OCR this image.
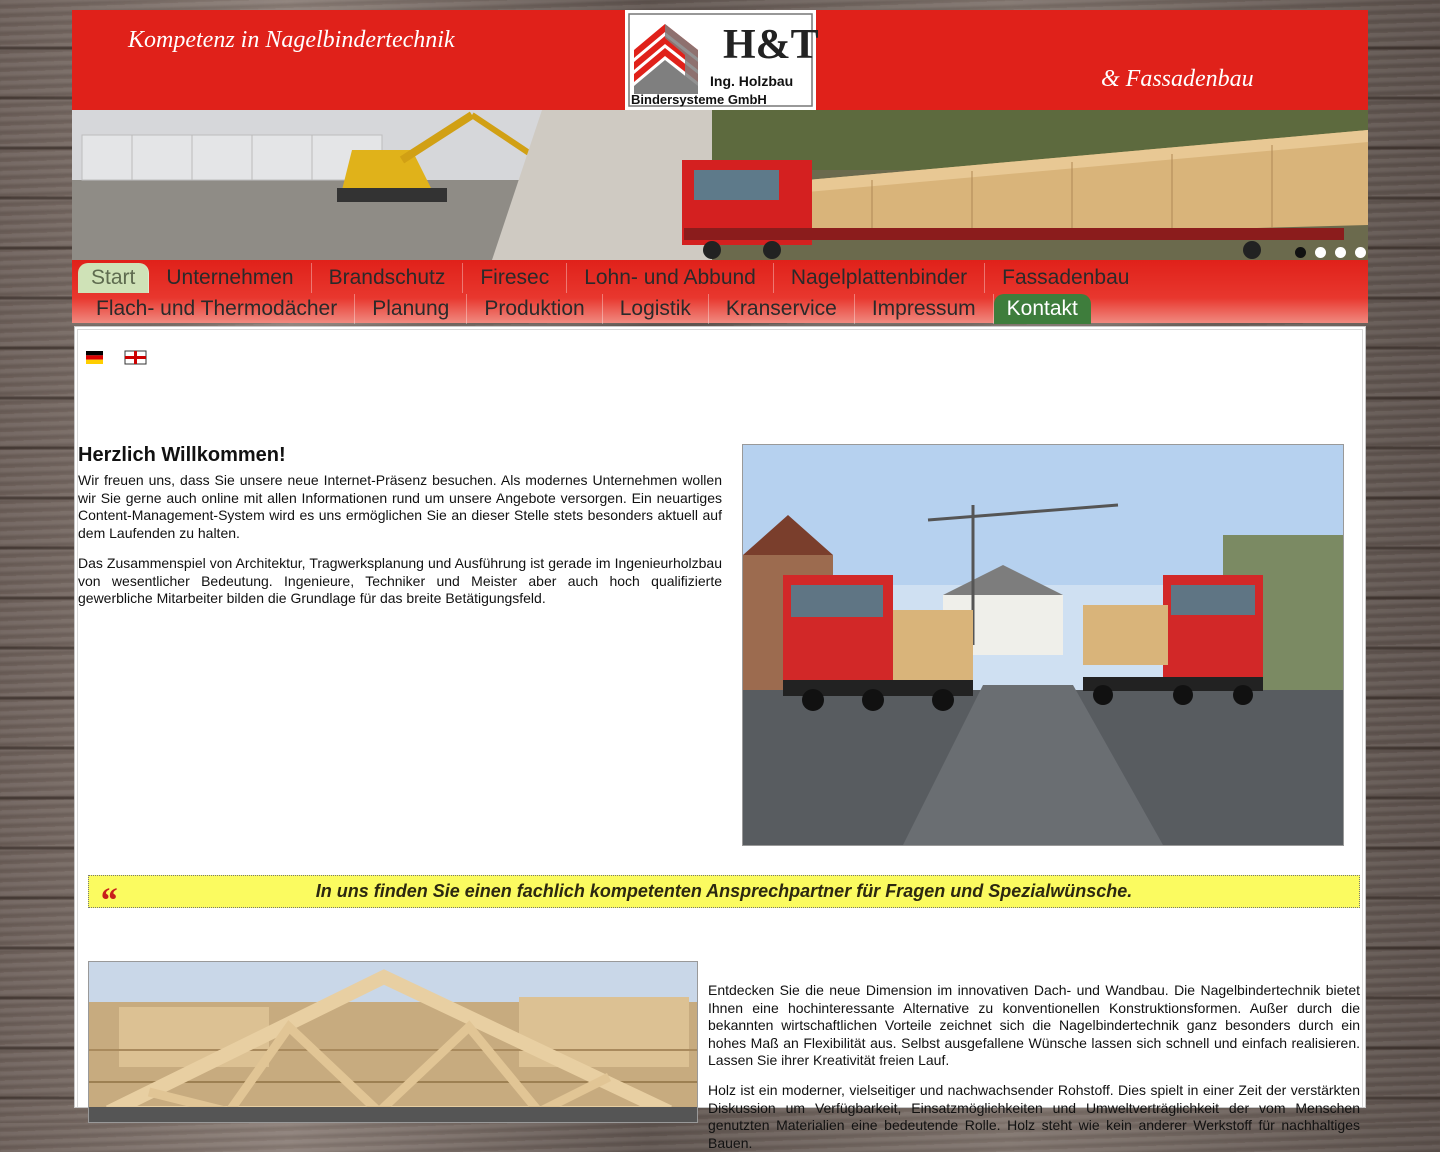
Kompetenz in Nagelbindertechnik	H&T
Ing. Holzbau
Bindersysteme GmbH
& Fassadenbau
Start	Unternehmen	Brandschutz	Firesec	Lohn- und Abbund	Nagelplattenbinder	Fassadenbau
Flach- und Thermodächer	Planung	Produktion	Logistik	Kranservice	Impressum	Kontakt
Herzlich Willkommen!

Wir freuen uns, dass Sie unsere neue Internet-Präsenz besuchen. Als modernes Unternehmen wollen wir Sie gerne auch online mit allen Informationen rund um unsere Angebote versorgen. Ein neuartiges Content-Management-System wird es uns ermöglichen Sie an dieser Stelle stets besonders aktuell auf dem Laufenden zu halten.

Das Zusammenspiel von Architektur, Tragwerksplanung und Ausführung ist gerade im Ingenieurholzbau von wesentlicher Bedeutung. Ingenieure, Techniker und Meister aber auch hoch qualifizierte gewerbliche Mitarbeiter bilden die Grundlage für das breite Betätigungsfeld.

“	In uns finden Sie einen fachlich kompetenten Ansprechpartner für Fragen und Spezialwünsche.

Entdecken Sie die neue Dimension im innovativen Dach- und Wandbau. Die Nagelbindertechnik bietet Ihnen eine hochinteressante Alternative zu konventionellen Konstruktionsformen. Außer durch die bekannten wirtschaftlichen Vorteile zeichnet sich die Nagelbindertechnik ganz besonders durch ein hohes Maß an Flexibilität aus. Selbst ausgefallene Wünsche lassen sich schnell und einfach realisieren. Lassen Sie ihrer Kreativität freien Lauf.

Holz ist ein moderner, vielseitiger und nachwachsender Rohstoff. Dies spielt in einer Zeit der verstärkten Diskussion um Verfügbarkeit, Einsatzmöglichkeiten und Umweltverträglichkeit der vom Menschen genutzten Materialien eine bedeutende Rolle. Holz steht wie kein anderer Werkstoff für nachhaltiges Bauen.
